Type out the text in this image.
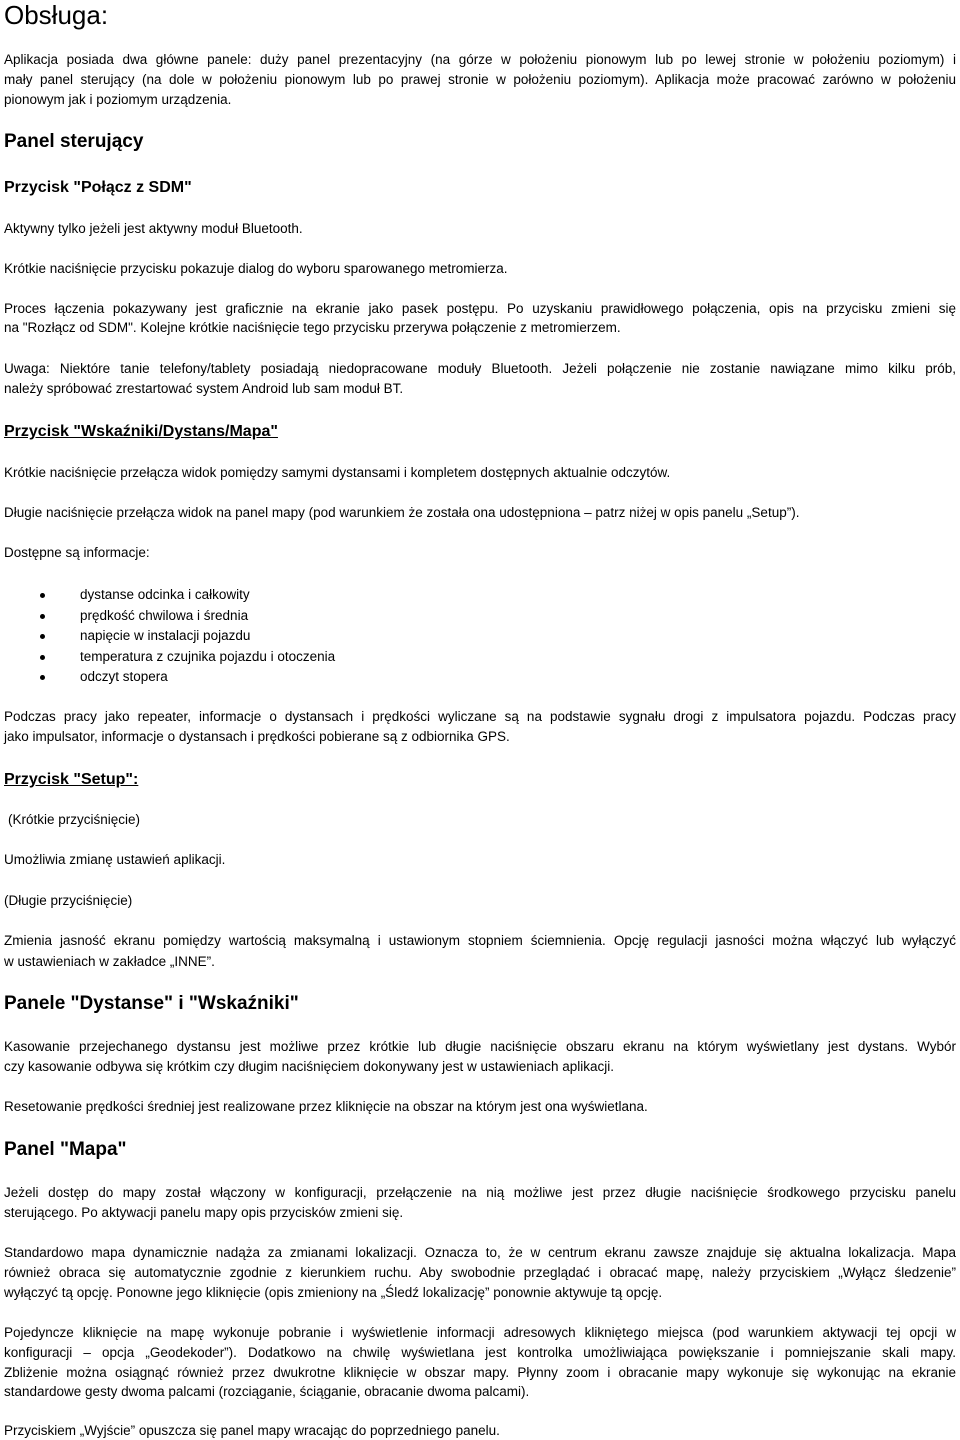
Obsługa:

Aplikacja posiada dwa główne panele: duży panel prezentacyjny (na górze w położeniu pionowym lub po lewej stronie w położeniu poziomym) i

mały panel sterujący (na dole w położeniu pionowym lub po prawej stronie w położeniu poziomym). Aplikacja może pracować zarówno w położeniu

pionowym jak i poziomym urządzenia.

Panel sterujący
Przycisk "Połącz z SDM"

Aktywny tylko jeżeli jest aktywny moduł Bluetooth.

Krótkie naciśnięcie przycisku pokazuje dialog do wyboru sparowanego metromierza.

Proces łączenia pokazywany jest graficznie na ekranie jako pasek postępu. Po uzyskaniu prawidłowego połączenia, opis na przycisku zmieni się

na "Rozłącz od SDM". Kolejne krótkie naciśnięcie tego przycisku przerywa połączenie z metromierzem.

Uwaga: Niektóre tanie telefony/tablety posiadają niedopracowane moduły Bluetooth. Jeżeli połączenie nie zostanie nawiązane mimo kilku prób,

należy spróbować zrestartować system Android lub sam moduł BT.

Przycisk "Wskaźniki/Dystans/Mapa"

Krótkie naciśnięcie przełącza widok pomiędzy samymi dystansami i kompletem dostępnych aktualnie odczytów.

Długie naciśnięcie przełącza widok na panel mapy (pod warunkiem że została ona udostępniona – patrz niżej w opis panelu „Setup”).

Dostępne są informacje:

dystanse odcinka i całkowity
prędkość chwilowa i średnia
napięcie w instalacji pojazdu
temperatura z czujnika pojazdu i otoczenia
odczyt stopera

Podczas pracy jako repeater, informacje o dystansach i prędkości wyliczane są na podstawie sygnału drogi z impulsatora pojazdu. Podczas pracy

jako impulsator, informacje o dystansach i prędkości pobierane są z odbiornika GPS.

Przycisk "Setup":

(Krótkie przyciśnięcie)

Umożliwia zmianę ustawień aplikacji.

(Długie przyciśnięcie)

Zmienia jasność ekranu pomiędzy wartością maksymalną i ustawionym stopniem ściemnienia. Opcję regulacji jasności można włączyć lub wyłączyć

w ustawieniach w zakładce „INNE”.

Panele "Dystanse" i "Wskaźniki"

Kasowanie przejechanego dystansu jest możliwe przez krótkie lub długie naciśnięcie obszaru ekranu na którym wyświetlany jest dystans. Wybór

czy kasowanie odbywa się krótkim czy długim naciśnięciem dokonywany jest w ustawieniach aplikacji.

Resetowanie prędkości średniej jest realizowane przez kliknięcie na obszar na którym jest ona wyświetlana.

Panel "Mapa"

Jeżeli dostęp do mapy został włączony w konfiguracji, przełączenie na nią możliwe jest przez długie naciśnięcie środkowego przycisku panelu

sterującego. Po aktywacji panelu mapy opis przycisków zmieni się.

Standardowo mapa dynamicznie nadąża za zmianami lokalizacji. Oznacza to, że w centrum ekranu zawsze znajduje się aktualna lokalizacja. Mapa

również obraca się automatycznie zgodnie z kierunkiem ruchu. Aby swobodnie przeglądać i obracać mapę, należy przyciskiem „Wyłącz śledzenie”

wyłączyć tą opcję. Ponowne jego kliknięcie (opis zmieniony na „Śledź lokalizację” ponownie aktywuje tą opcję.

Pojedyncze kliknięcie na mapę wykonuje pobranie i wyświetlenie informacji adresowych klikniętego miejsca (pod warunkiem aktywacji tej opcji w

konfiguracji – opcja „Geodekoder”). Dodatkowo na chwilę wyświetlana jest kontrolka umożliwiająca powiększanie i pomniejszanie skali mapy.

Zbliżenie można osiągnąć również przez dwukrotne kliknięcie w obszar mapy. Płynny zoom i obracanie mapy wykonuje się wykonując na ekranie

standardowe gesty dwoma palcami (rozciąganie, ściąganie, obracanie dwoma palcami).

Przyciskiem „Wyjście” opuszcza się panel mapy wracając do poprzedniego panelu.
